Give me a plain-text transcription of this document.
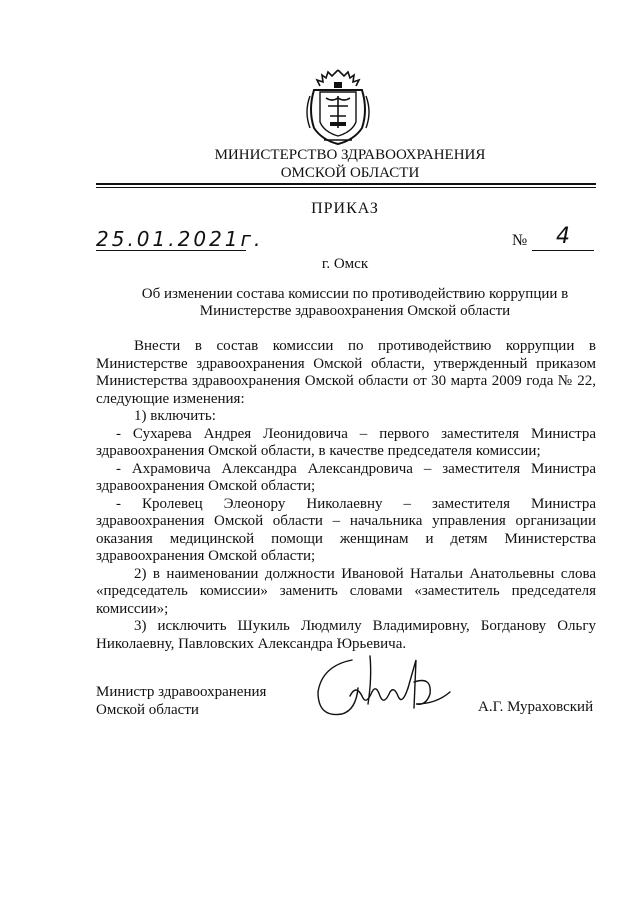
МИНИСТЕРСТВО ЗДРАВООХРАНЕНИЯ
ОМСКОЙ ОБЛАСТИ
ПРИКАЗ
25.01.2021г.	№	4
г. Омск
Об изменении состава комиссии по противодействию коррупции в
Министерстве здравоохранения Омской области

Внести в состав комиссии по противодействию коррупции в Министерстве здравоохранения Омской области, утвержденный приказом Министерства здравоохранения Омской области от 30 марта 2009 года № 22, следующие изменения:

1) включить:

- Сухарева Андрея Леонидовича – первого заместителя Министра здравоохранения Омской области, в качестве председателя комиссии;

- Ахрамовича Александра Александровича – заместителя Министра здравоохранения Омской области;

- Кролевец Элеонору Николаевну – заместителя Министра здравоохранения Омской области – начальника управления организации оказания медицинской помощи женщинам и детям Министерства здравоохранения Омской области;

2) в наименовании должности Ивановой Натальи Анатольевны слова «председатель комиссии» заменить словами «заместитель председателя комиссии»;

3) исключить Шукиль Людмилу Владимировну, Богданову Ольгу Николаевну, Павловских Александра Юрьевича.

Министр здравоохранения
Омской области	А.Г. Мураховский
